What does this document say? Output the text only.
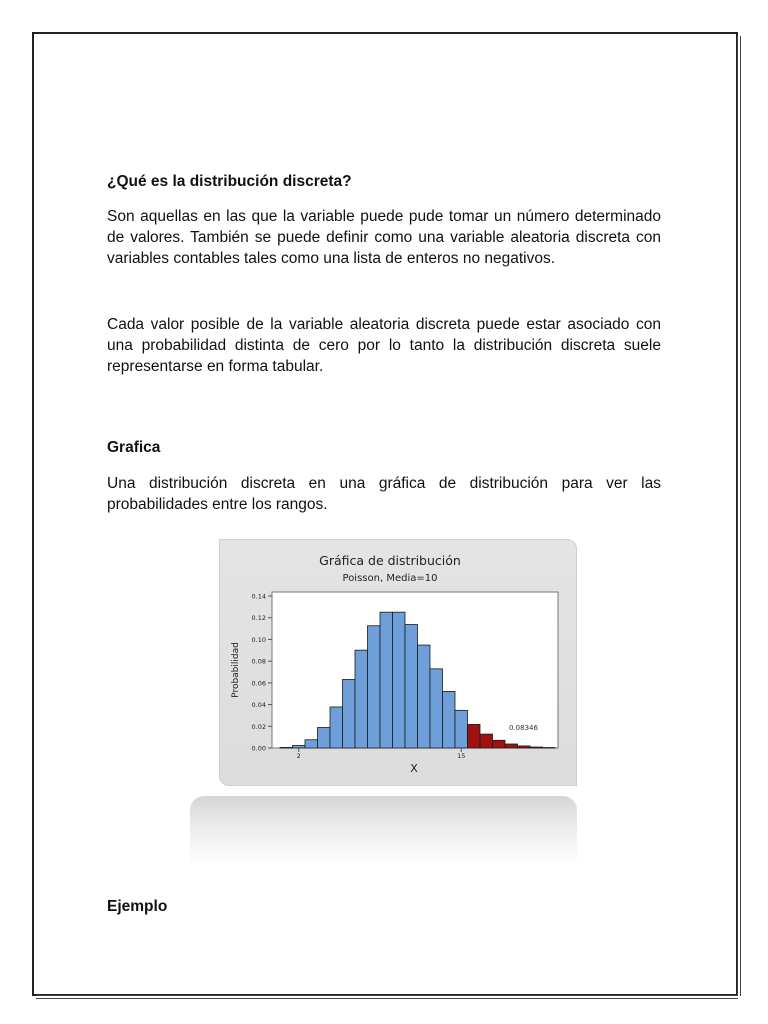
¿Qué es la distribución discreta?

Son aquellas en las que la variable puede pude tomar un número determinado de valores. También se puede definir como una variable aleatoria discreta con variables contables tales como una lista de enteros no negativos.

Cada valor posible de la variable aleatoria discreta puede estar asociado con una probabilidad distinta de cero por lo tanto la distribución discreta suele representarse en forma tabular.

Grafica

Una distribución discreta en una gráfica de distribución para ver las probabilidades entre los rangos.

Gráfica de distribución
Poisson, Media=10
0.00
0.02
0.04
0.06
0.08
0.10
0.12
0.14
2	15
X
Probabilidad
0.08346
Ejemplo
